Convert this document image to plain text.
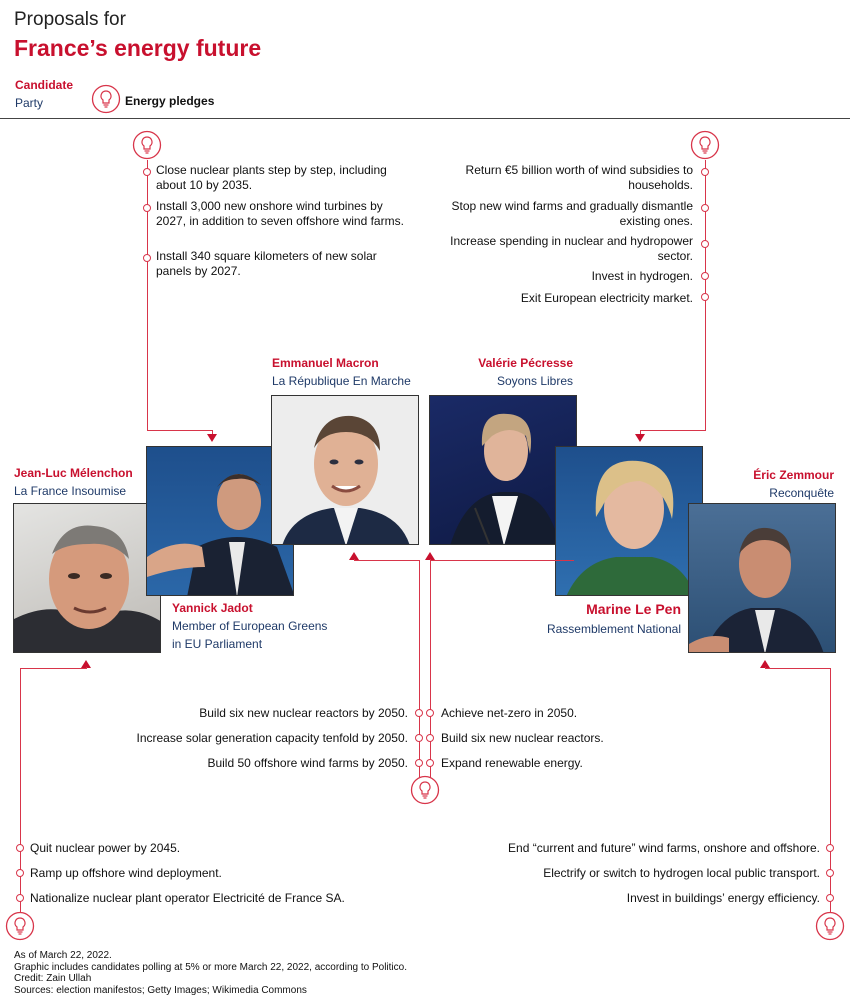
Proposals for
France’s energy future
Candidate
Party	Energy pledges
Close nuclear plants step by step, including about 10 by 2035.
Install 3,000 new onshore wind turbines by 2027, in addition to seven offshore wind farms.
Install 340 square kilometers of new solar panels by 2027.
Return €5 billion worth of wind subsidies to households.
Stop new wind farms and gradually dismantle existing ones.
Increase spending in nuclear and hydropower sector.
Invest in hydrogen.
Exit European electricity market.
Emmanuel Macron
La République En Marche
Valérie Pécresse
Soyons Libres
Jean-Luc Mélenchon
La France Insoumise
Éric Zemmour
Reconquête
Yannick Jadot
Member of European Greens
in EU Parliament
Marine Le Pen
Rassemblement National
Build six new nuclear reactors by 2050.
Increase solar generation capacity tenfold by 2050.
Build 50 offshore wind farms by 2050.
Achieve net-zero in 2050.
Build six new nuclear reactors.
Expand renewable energy.
Quit nuclear power by 2045.
Ramp up offshore wind deployment.
Nationalize nuclear plant operator Electricité de France SA.
End “current and future” wind farms, onshore and offshore.
Electrify or switch to hydrogen local public transport.
Invest in buildings’ energy efficiency.
As of March 22, 2022.
Graphic includes candidates polling at 5% or more March 22, 2022, according to Politico.
Credit: Zain Ullah
Sources: election manifestos; Getty Images; Wikimedia Commons
